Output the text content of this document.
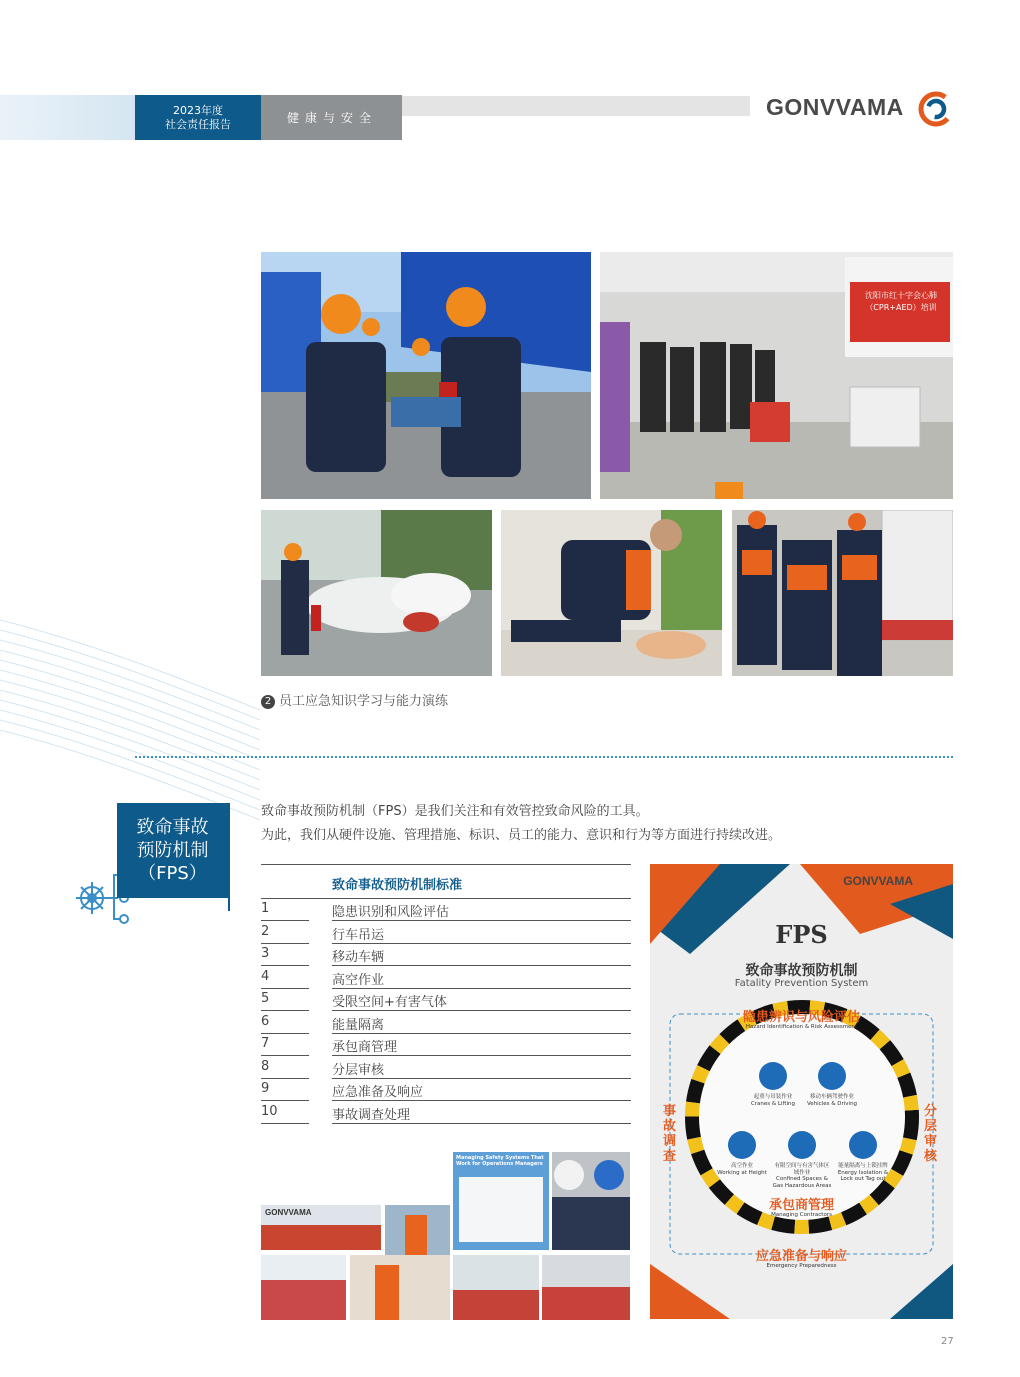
2023年度
社会责任报告	健康与安全	GONVVAMA
沈阳市红十字会心肺
（CPR+AED）培训
2 员工应急知识学习与能力演练
致命事故
预防机制
（FPS）
致命事故预防机制（FPS）是我们关注和有效管控致命风险的工具。
为此，我们从硬件设施、管理措施、标识、员工的能力、意识和行为等方面进行持续改进。
致命事故预防机制标准
1	隐患识别和风险评估
2	行车吊运
3	移动车辆
4	高空作业
5	受限空间+有害气体
6	能量隔离
7	承包商管理
8	分层审核
9	应急准备及响应
10	事故调查处理
GONVVAMA
FPS
致命事故预防机制
Fatality Prevention System
隐患辨识与风险评估
Hazard Identification & Risk Assessment
事故调查
分层审核
承包商管理
Managing Contractors
应急准备与响应
Emergency Preparedness
起重与吊装作业
Cranes & Lifting
移动车辆驾驶作业
Vehicles & Driving
高空作业
Working at Height
有限空间与有害气体区域作业
Confined Spaces & Gas Hazardous Areas
能量隔离与上锁挂牌
Energy Isolation & Lock out Tag out
GONVVAMA
Managing Safety Systems That Work for Operations Managers
27
